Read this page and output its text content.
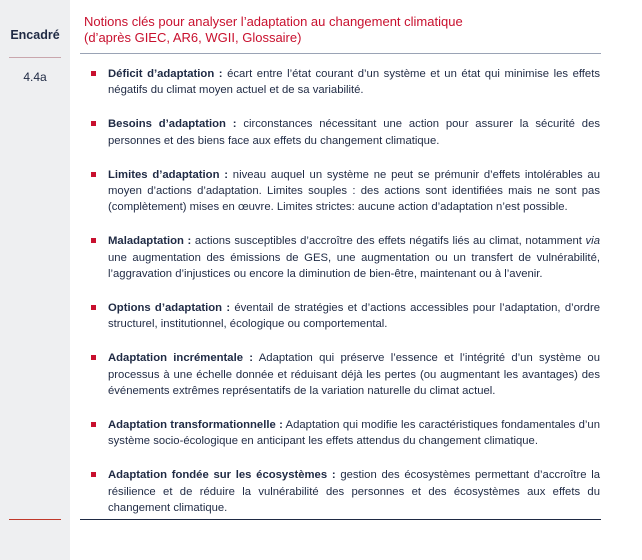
Encadré
4.4a
Notions clés pour analyser l’adaptation au changement climatique
(d’après GIEC, AR6, WGII, Glossaire)
Déficit d’adaptation : écart entre l’état courant d’un système et un état qui minimise les effets négatifs du climat moyen actuel et de sa variabilité.
Besoins d’adaptation : circonstances nécessitant une action pour assurer la sécurité des personnes et des biens face aux effets du changement climatique.
Limites d’adaptation : niveau auquel un système ne peut se prémunir d’effets intolérables au moyen d’actions d’adaptation. Limites souples : des actions sont identifiées mais ne sont pas (complètement) mises en œuvre. Limites strictes: aucune action d’adaptation n’est possible.
Maladaptation : actions susceptibles d’accroître des effets négatifs liés au climat, notamment via une augmentation des émissions de GES, une augmentation ou un transfert de vulnérabilité, l’aggravation d’injustices ou encore la diminution de bien-être, maintenant ou à l’avenir.
Options d’adaptation : éventail de stratégies et d’actions accessibles pour l’adaptation, d’ordre structurel, institutionnel, écologique ou comportemental.
Adaptation incrémentale : Adaptation qui préserve l’essence et l’intégrité d’un système ou processus à une échelle donnée et réduisant déjà les pertes (ou augmentant les avantages) des événements extrêmes représentatifs de la variation naturelle du climat actuel.
Adaptation transformationnelle : Adaptation qui modifie les caractéristiques fondamentales d’un système socio-écologique en anticipant les effets attendus du changement climatique.
Adaptation fondée sur les écosystèmes : gestion des écosystèmes permettant d’accroître la résilience et de réduire la vulnérabilité des personnes et des écosystèmes aux effets du changement climatique.
